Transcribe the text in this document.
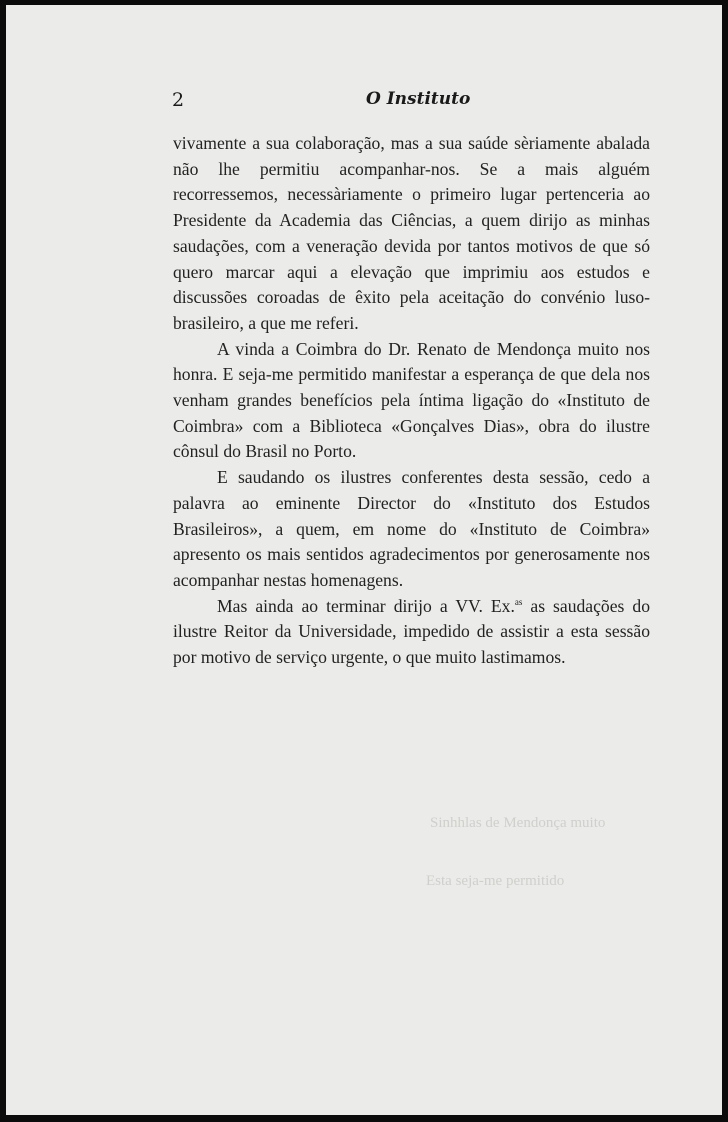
2	O Instituto

vivamente a sua colaboração, mas a sua saúde sèriamente abalada não lhe permitiu acompanhar-nos. Se a mais alguém recorressemos, necessàriamente o primeiro lugar pertenceria ao Presidente da Academia das Ciências, a quem dirijo as minhas saudações, com a veneração devida por tantos motivos de que só quero marcar aqui a elevação que imprimiu aos estudos e discussões coroadas de êxito pela aceitação do convénio luso-brasileiro, a que me referi.

A vinda a Coimbra do Dr. Renato de Mendonça muito nos honra. E seja-me permitido manifestar a esperança de que dela nos venham grandes benefícios pela íntima ligação do «Instituto de Coimbra» com a Biblioteca «Gonçalves Dias», obra do ilustre cônsul do Brasil no Porto.

E saudando os ilustres conferentes desta sessão, cedo a palavra ao eminente Director do «Instituto dos Estudos Brasileiros», a quem, em nome do «Instituto de Coimbra» apresento os mais sentidos agradecimentos por generosamente nos acompanhar nestas homenagens.

Mas ainda ao terminar dirijo a VV. Ex.$^{as}$ as saudações do ilustre Reitor da Universidade, impedido de assistir a esta sessão por motivo de serviço urgente, o que muito lastimamos.

Sinhhlas de Mendonça muito
Esta seja-me permitido
